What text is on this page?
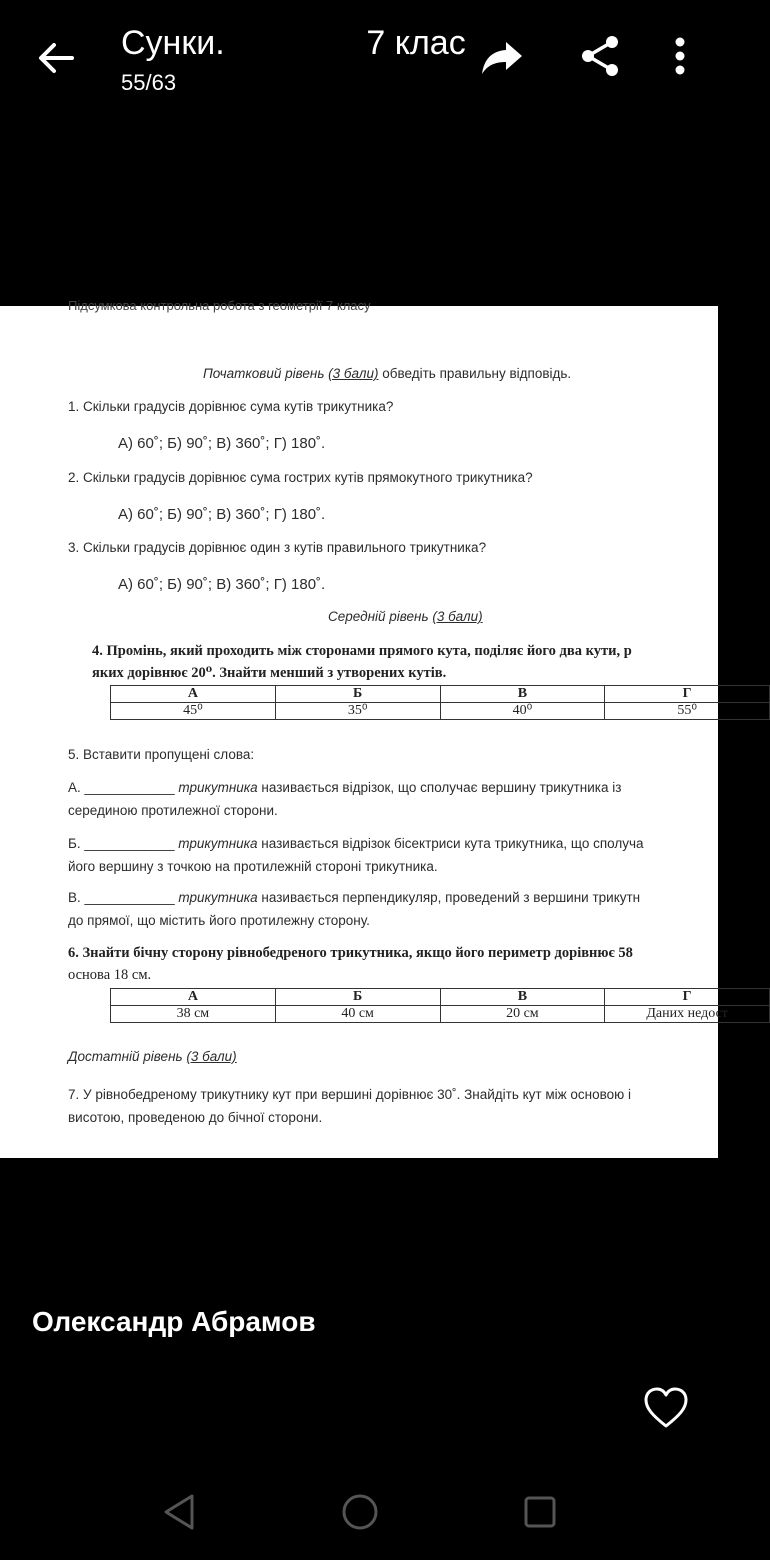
Сунки.               7 клас
55/63
Підсумкова контрольна робота з геометрії 7 класу
Початковий рівень (3 бали) обведіть правильну відповідь.
1. Скільки градусів дорівнює сума кутів трикутника?
А) 60˚; Б) 90˚; В) 360˚; Г) 180˚.
2. Скільки градусів дорівнює сума гострих кутів прямокутного трикутника?
А) 60˚; Б) 90˚; В) 360˚; Г) 180˚.
3. Скільки градусів дорівнює один з кутів правильного трикутника?
А) 60˚; Б) 90˚; В) 360˚; Г) 180˚.
Середній рівень (3 бали)
4. Промінь, який проходить між сторонами прямого кута, поділяє його два кути, р
яких дорівнює 20⁰. Знайти менший з утворених кутів.
А	Б	В	Г
45⁰	35⁰	40⁰	55⁰
5. Вставити пропущені слова:
А. ____________ трикутника називається відрізок, що сполучає вершину трикутника із
серединою протилежної сторони.
Б. ____________ трикутника називається відрізок бісектриси кута трикутника, що сполуча
його вершину з точкою на протилежній стороні трикутника.
В. ____________ трикутника називається перпендикуляр, проведений з вершини трикутн
до прямої, що містить його протилежну сторону.
6. Знайти бічну сторону рівнобедреного трикутника, якщо його периметр дорівнює 58
основа 18 см.
А	Б	В	Г
38 см	40 см	20 см	Даних недост
Достатній рівень (3 бали)
7. У рівнобедреному трикутнику кут при вершині дорівнює 30˚. Знайдіть кут між основою і
висотою, проведеною до бічної сторони.
Олександр Абрамов
